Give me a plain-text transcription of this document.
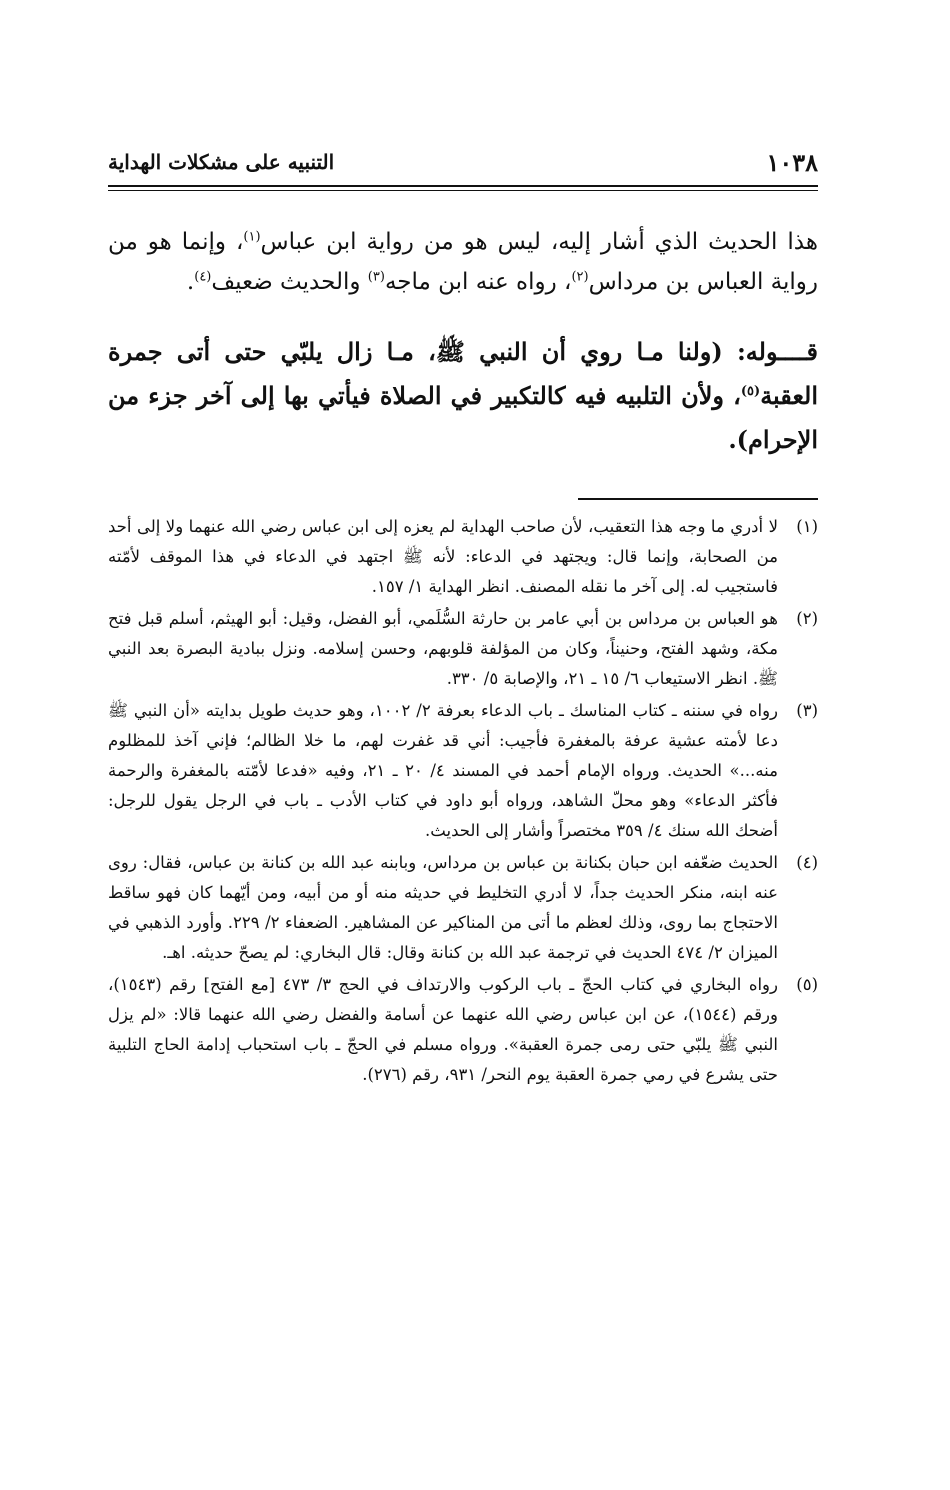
١٠٣٨
التنبيه على مشكلات الهداية

هذا الحديث الذي أشار إليه، ليس هو من رواية ابن عباس$^{(١)}$، وإنما هو من رواية العباس بن مرداس$^{(٢)}$، رواه عنه ابن ماجه$^{(٣)}$ والحديث ضعيف$^{(٤)}$.

قــــوله: (ولنا مـا روي أن النبي ﷺ، مـا زال يلبّي حتى أتى جمرة العقبة$^{(٥)}$، ولأن التلبيه فيه كالتكبير في الصلاة فيأتي بها إلى آخر جزء من الإحرام).

(١)
لا أدري ما وجه هذا التعقيب، لأن صاحب الهداية لم يعزه إلى ابن عباس رضي الله عنهما ولا إلى أحد من الصحابة، وإنما قال: ويجتهد في الدعاء: لأنه ﷺ اجتهد في الدعاء في هذا الموقف لأمّته فاستجيب له. إلى آخر ما نقله المصنف. انظر الهداية ١/ ١٥٧.
(٢)
هو العباس بن مرداس بن أبي عامر بن حارثة السُّلَمي، أبو الفضل، وقيل: أبو الهيثم، أسلم قبل فتح مكة، وشهد الفتح، وحنيناً، وكان من المؤلفة قلوبهم، وحسن إسلامه. ونزل ببادية البصرة بعد النبي ﷺ. انظر الاستيعاب ٦/ ١٥ ـ ٢١، والإصابة ٥/ ٣٣٠.
(٣)
رواه في سننه ـ كتاب المناسك ـ باب الدعاء بعرفة ٢/ ١٠٠٢، وهو حديث طويل بدايته «أن النبي ﷺ دعا لأمته عشية عرفة بالمغفرة فأجيب: أني قد غفرت لهم، ما خلا الظالم؛ فإني آخذ للمظلوم منه...» الحديث. ورواه الإمام أحمد في المسند ٤/ ٢٠ ـ ٢١، وفيه «فدعا لأمّته بالمغفرة والرحمة فأكثر الدعاء» وهو محلّ الشاهد، ورواه أبو داود في كتاب الأدب ـ باب في الرجل يقول للرجل: أضحك الله سنك ٤/ ٣٥٩ مختصراً وأشار إلى الحديث.
(٤)
الحديث ضعّفه ابن حبان بكنانة بن عباس بن مرداس، وبابنه عبد الله بن كنانة بن عباس، فقال: روى عنه ابنه، منكر الحديث جداً، لا أدري التخليط في حديثه منه أو من أبيه، ومن أيّهما كان فهو ساقط الاحتجاج بما روى، وذلك لعظم ما أتى من المناكير عن المشاهير. الضعفاء ٢/ ٢٢٩. وأورد الذهبي في الميزان ٢/ ٤٧٤ الحديث في ترجمة عبد الله بن كنانة وقال: قال البخاري: لم يصحّ حديثه. اهـ.
(٥)
رواه البخاري في كتاب الحجّ ـ باب الركوب والارتداف في الحج ٣/ ٤٧٣ [مع الفتح] رقم (١٥٤٣)، ورقم (١٥٤٤)، عن ابن عباس رضي الله عنهما عن أسامة والفضل رضي الله عنهما قالا: «لم يزل النبي ﷺ يلبّي حتى رمى جمرة العقبة». ورواه مسلم في الحجّ ـ باب استحباب إدامة الحاج التلبية حتى يشرع في رمي جمرة العقبة يوم النحر/ ٩٣١، رقم (٢٧٦).
